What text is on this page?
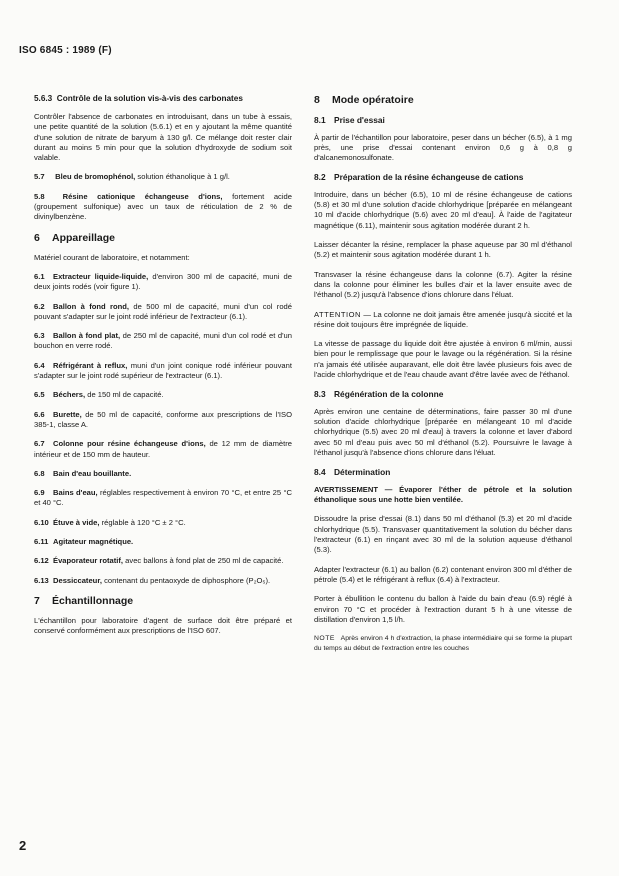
ISO 6845 : 1989 (F)
5.6.3 Contrôle de la solution vis-à-vis des carbonates

Contrôler l'absence de carbonates en introduisant, dans un tube à essais, une petite quantité de la solution (5.6.1) et en y ajoutant la même quantité d'une solution de nitrate de baryum à 130 g/l. Ce mélange doit rester clair durant au moins 5 min pour que la solution d'hydroxyde de sodium soit valable.

5.7 Bleu de bromophénol, solution éthanolique à 1 g/l.
5.8 Résine cationique échangeuse d'ions, fortement acide (groupement sulfonique) avec un taux de réticulation de 2 % de divinylbenzène.
6 Appareillage

Matériel courant de laboratoire, et notamment:

6.1 Extracteur liquide-liquide, d'environ 300 ml de capacité, muni de deux joints rodés (voir figure 1).
6.2 Ballon à fond rond, de 500 ml de capacité, muni d'un col rodé pouvant s'adapter sur le joint rodé inférieur de l'extracteur (6.1).
6.3 Ballon à fond plat, de 250 ml de capacité, muni d'un col rodé et d'un bouchon en verre rodé.
6.4 Réfrigérant à reflux, muni d'un joint conique rodé inférieur pouvant s'adapter sur le joint rodé supérieur de l'extracteur (6.1).
6.5 Béchers, de 150 ml de capacité.
6.6 Burette, de 50 ml de capacité, conforme aux prescriptions de l'ISO 385-1, classe A.
6.7 Colonne pour résine échangeuse d'ions, de 12 mm de diamètre intérieur et de 150 mm de hauteur.
6.8 Bain d'eau bouillante.
6.9 Bains d'eau, réglables respectivement à environ 70 °C, et entre 25 °C et 40 °C.
6.10 Étuve à vide, réglable à 120 °C ± 2 °C.
6.11 Agitateur magnétique.
6.12 Évaporateur rotatif, avec ballons à fond plat de 250 ml de capacité.
6.13 Dessiccateur, contenant du pentaoxyde de diphosphore (P₂O₅).
7 Échantillonnage

L'échantillon pour laboratoire d'agent de surface doit être préparé et conservé conformément aux prescriptions de l'ISO 607.

8 Mode opératoire
8.1 Prise d'essai

À partir de l'échantillon pour laboratoire, peser dans un bécher (6.5), à 1 mg près, une prise d'essai contenant environ 0,6 g à 0,8 g d'alcanemonosulfonate.

8.2 Préparation de la résine échangeuse de cations

Introduire, dans un bécher (6.5), 10 ml de résine échangeuse de cations (5.8) et 30 ml d'une solution d'acide chlorhydrique [préparée en mélangeant 10 ml d'acide chlorhydrique (5.6) avec 20 ml d'eau]. À l'aide de l'agitateur magnétique (6.11), maintenir sous agitation modérée durant 2 h.

Laisser décanter la résine, remplacer la phase aqueuse par 30 ml d'éthanol (5.2) et maintenir sous agitation modérée durant 1 h.

Transvaser la résine échangeuse dans la colonne (6.7). Agiter la résine dans la colonne pour éliminer les bulles d'air et la laver ensuite avec de l'éthanol (5.2) jusqu'à l'absence d'ions chlorure dans l'éluat.

ATTENTION — La colonne ne doit jamais être amenée jusqu'à siccité et la résine doit toujours être imprégnée de liquide.

La vitesse de passage du liquide doit être ajustée à environ 6 ml/min, aussi bien pour le remplissage que pour le lavage ou la régénération. Si la résine n'a jamais été utilisée auparavant, elle doit être lavée plusieurs fois avec de l'acide chlorhydrique et de l'eau chaude avant d'être lavée avec de l'éthanol.

8.3 Régénération de la colonne

Après environ une centaine de déterminations, faire passer 30 ml d'une solution d'acide chlorhydrique [préparée en mélangeant 10 ml d'acide chlorhydrique (5.5) avec 20 ml d'eau] à travers la colonne et laver d'abord avec 50 ml d'eau puis avec 50 ml d'éthanol (5.2). Poursuivre le lavage à l'éthanol jusqu'à l'absence d'ions chlorure dans l'éluat.

8.4 Détermination

AVERTISSEMENT — Évaporer l'éther de pétrole et la solution éthanolique sous une hotte bien ventilée.

Dissoudre la prise d'essai (8.1) dans 50 ml d'éthanol (5.3) et 20 ml d'acide chlorhydrique (5.5). Transvaser quantitativement la solution du bécher dans l'extracteur (6.1) en rinçant avec 30 ml de la solution aqueuse d'éthanol (5.3).

Adapter l'extracteur (6.1) au ballon (6.2) contenant environ 300 ml d'éther de pétrole (5.4) et le réfrigérant à reflux (6.4) à l'extracteur.

Porter à ébullition le contenu du ballon à l'aide du bain d'eau (6.9) réglé à environ 70 °C et procéder à l'extraction durant 5 h à une vitesse de distillation d'environ 1,5 l/h.

NOTE Après environ 4 h d'extraction, la phase intermédiaire qui se forme la plupart du temps au début de l'extraction entre les couches

2
